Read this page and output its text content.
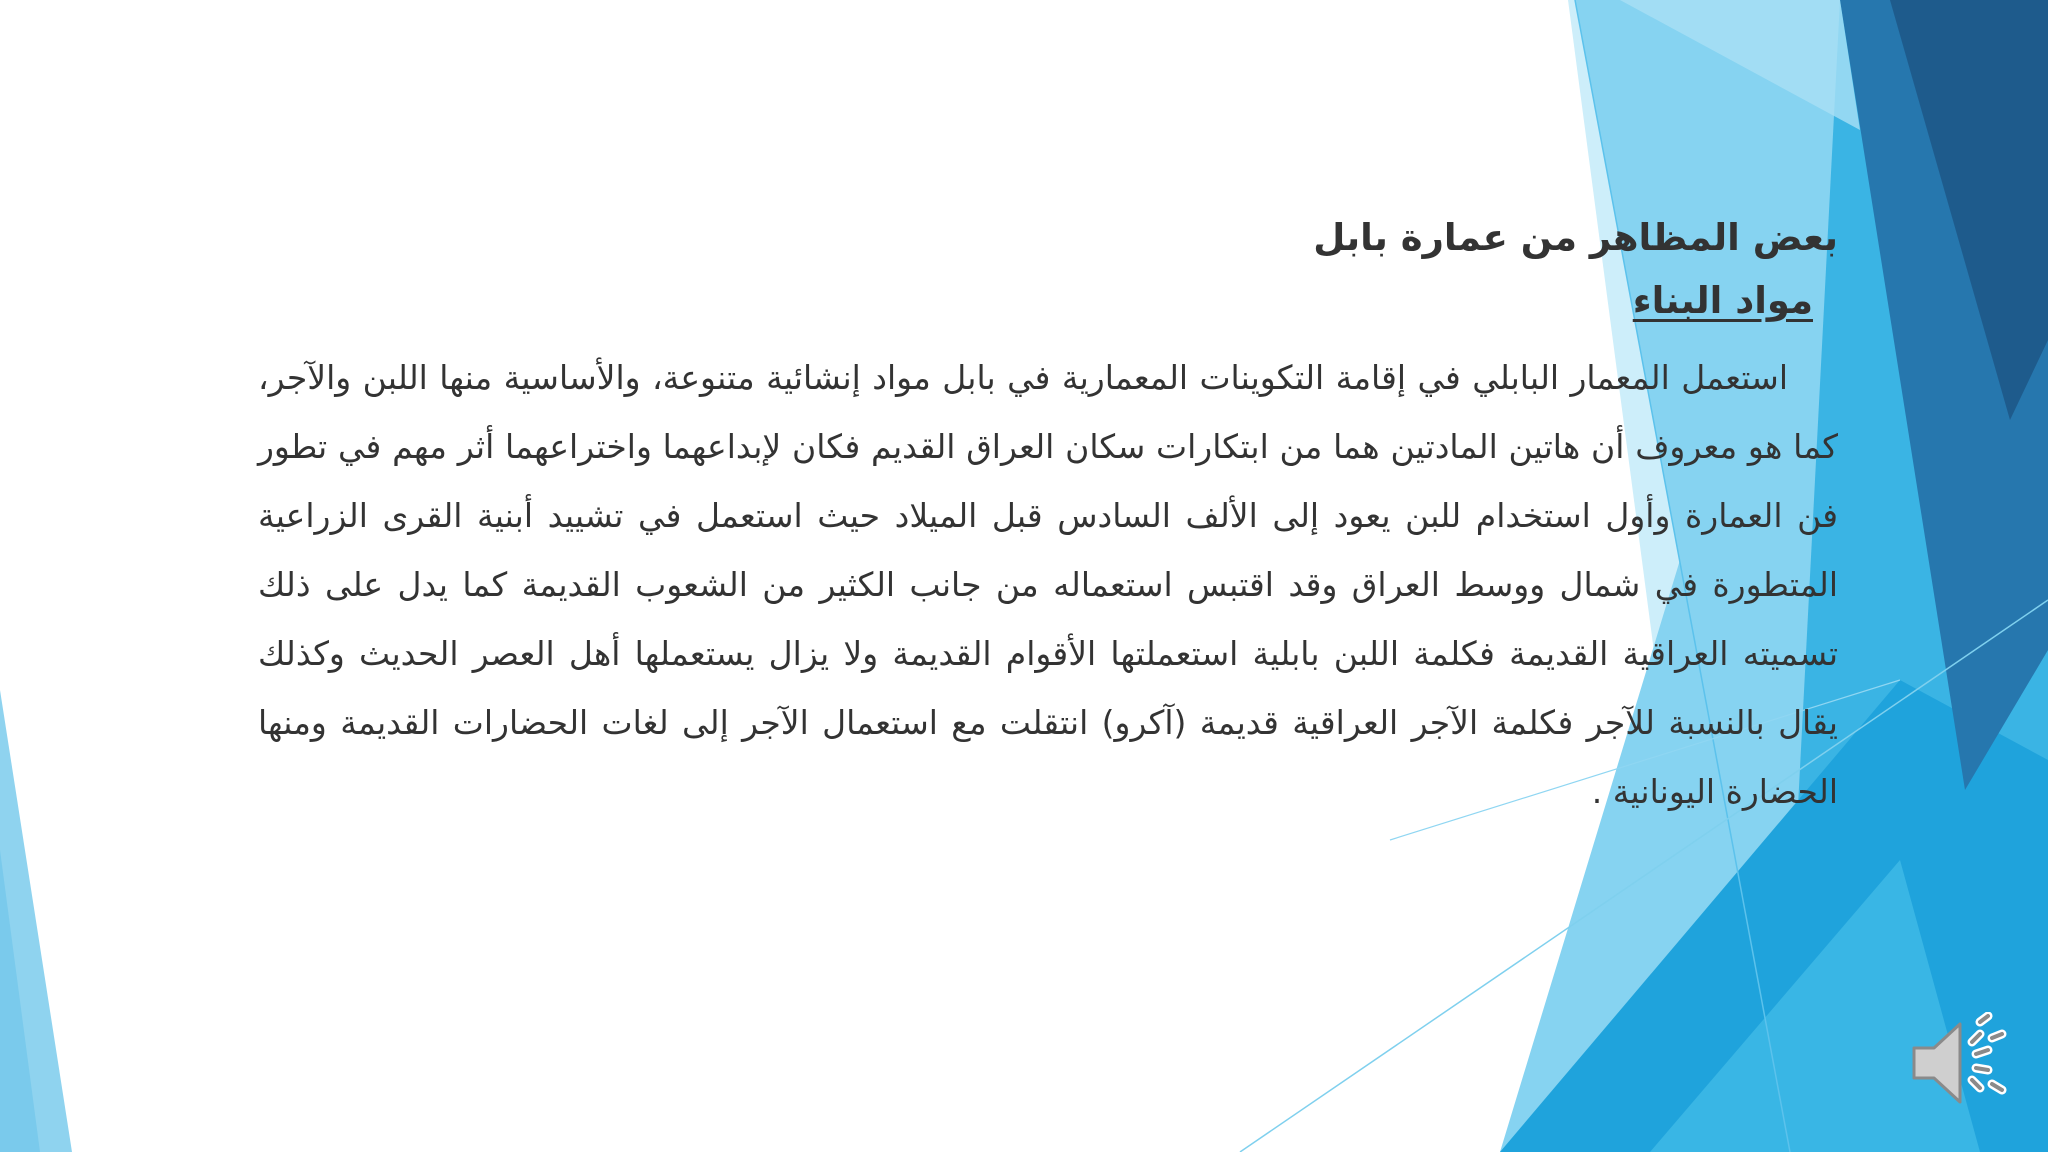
بعض المظاهر من عمارة بابل

مواد البناء

استعمل المعمار البابلي في إقامة التكوينات المعمارية في بابل مواد إنشائية متنوعة، والأساسية منها اللبن والآجر، كما هو معروف أن هاتين المادتين هما من ابتكارات سكان العراق القديم فكان لإبداعهما واختراعهما أثر مهم في تطور فن العمارة وأول استخدام للبن يعود إلى الألف السادس قبل الميلاد حيث استعمل في تشييد أبنية القرى الزراعية المتطورة في شمال ووسط العراق وقد اقتبس استعماله من جانب الكثير من الشعوب القديمة كما يدل على ذلك تسميته العراقية القديمة فكلمة اللبن بابلية استعملتها الأقوام القديمة ولا يزال يستعملها أهل العصر الحديث وكذلك يقال بالنسبة للآجر فكلمة الآجر العراقية قديمة (آكرو) انتقلت مع استعمال الآجر إلى لغات الحضارات القديمة ومنها الحضارة اليونانية .
